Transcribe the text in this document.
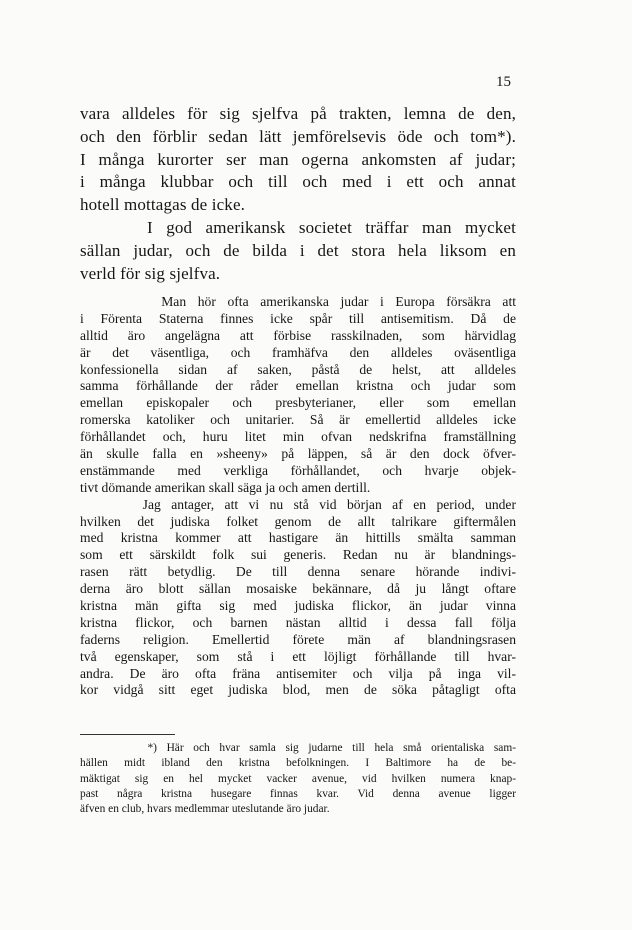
15
vara alldeles för sig sjelfva på trakten, lemna de den,
och den förblir sedan lätt jemförelsevis öde och tom*).
I många kurorter ser man ogerna ankomsten af judar;
i många klubbar och till och med i ett och annat
hotell mottagas de icke.
I god amerikansk societet träffar man mycket
sällan judar, och de bilda i det stora hela liksom en
verld för sig sjelfva.
Man hör ofta amerikanska judar i Europa försäkra att
i Förenta Staterna finnes icke spår till antisemitism. Då de
alltid äro angelägna att förbise rasskilnaden, som härvidlag
är det väsentliga, och framhäfva den alldeles oväsentliga
konfessionella sidan af saken, påstå de helst, att alldeles
samma förhållande der råder emellan kristna och judar som
emellan episkopaler och presbyterianer, eller som emellan
romerska katoliker och unitarier. Så är emellertid alldeles icke
förhållandet och, huru litet min ofvan nedskrifna framställning
än skulle falla en »sheeny» på läppen, så är den dock öfver-
enstämmande med verkliga förhållandet, och hvarje objek-
tivt dömande amerikan skall säga ja och amen dertill.
Jag antager, att vi nu stå vid början af en period, under
hvilken det judiska folket genom de allt talrikare giftermålen
med kristna kommer att hastigare än hittills smälta samman
som ett särskildt folk sui generis. Redan nu är blandnings-
rasen rätt betydlig. De till denna senare hörande indivi-
derna äro blott sällan mosaiske bekännare, då ju långt oftare
kristna män gifta sig med judiska flickor, än judar vinna
kristna flickor, och barnen nästan alltid i dessa fall följa
faderns religion. Emellertid förete män af blandningsrasen
två egenskaper, som stå i ett löjligt förhållande till hvar-
andra. De äro ofta fräna antisemiter och vilja på inga vil-
kor vidgå sitt eget judiska blod, men de söka påtagligt ofta
*) Här och hvar samla sig judarne till hela små orientaliska sam-
hällen midt ibland den kristna befolkningen. I Baltimore ha de be-
mäktigat sig en hel mycket vacker avenue, vid hvilken numera knap-
past några kristna husegare finnas kvar. Vid denna avenue ligger
äfven en club, hvars medlemmar uteslutande äro judar.
